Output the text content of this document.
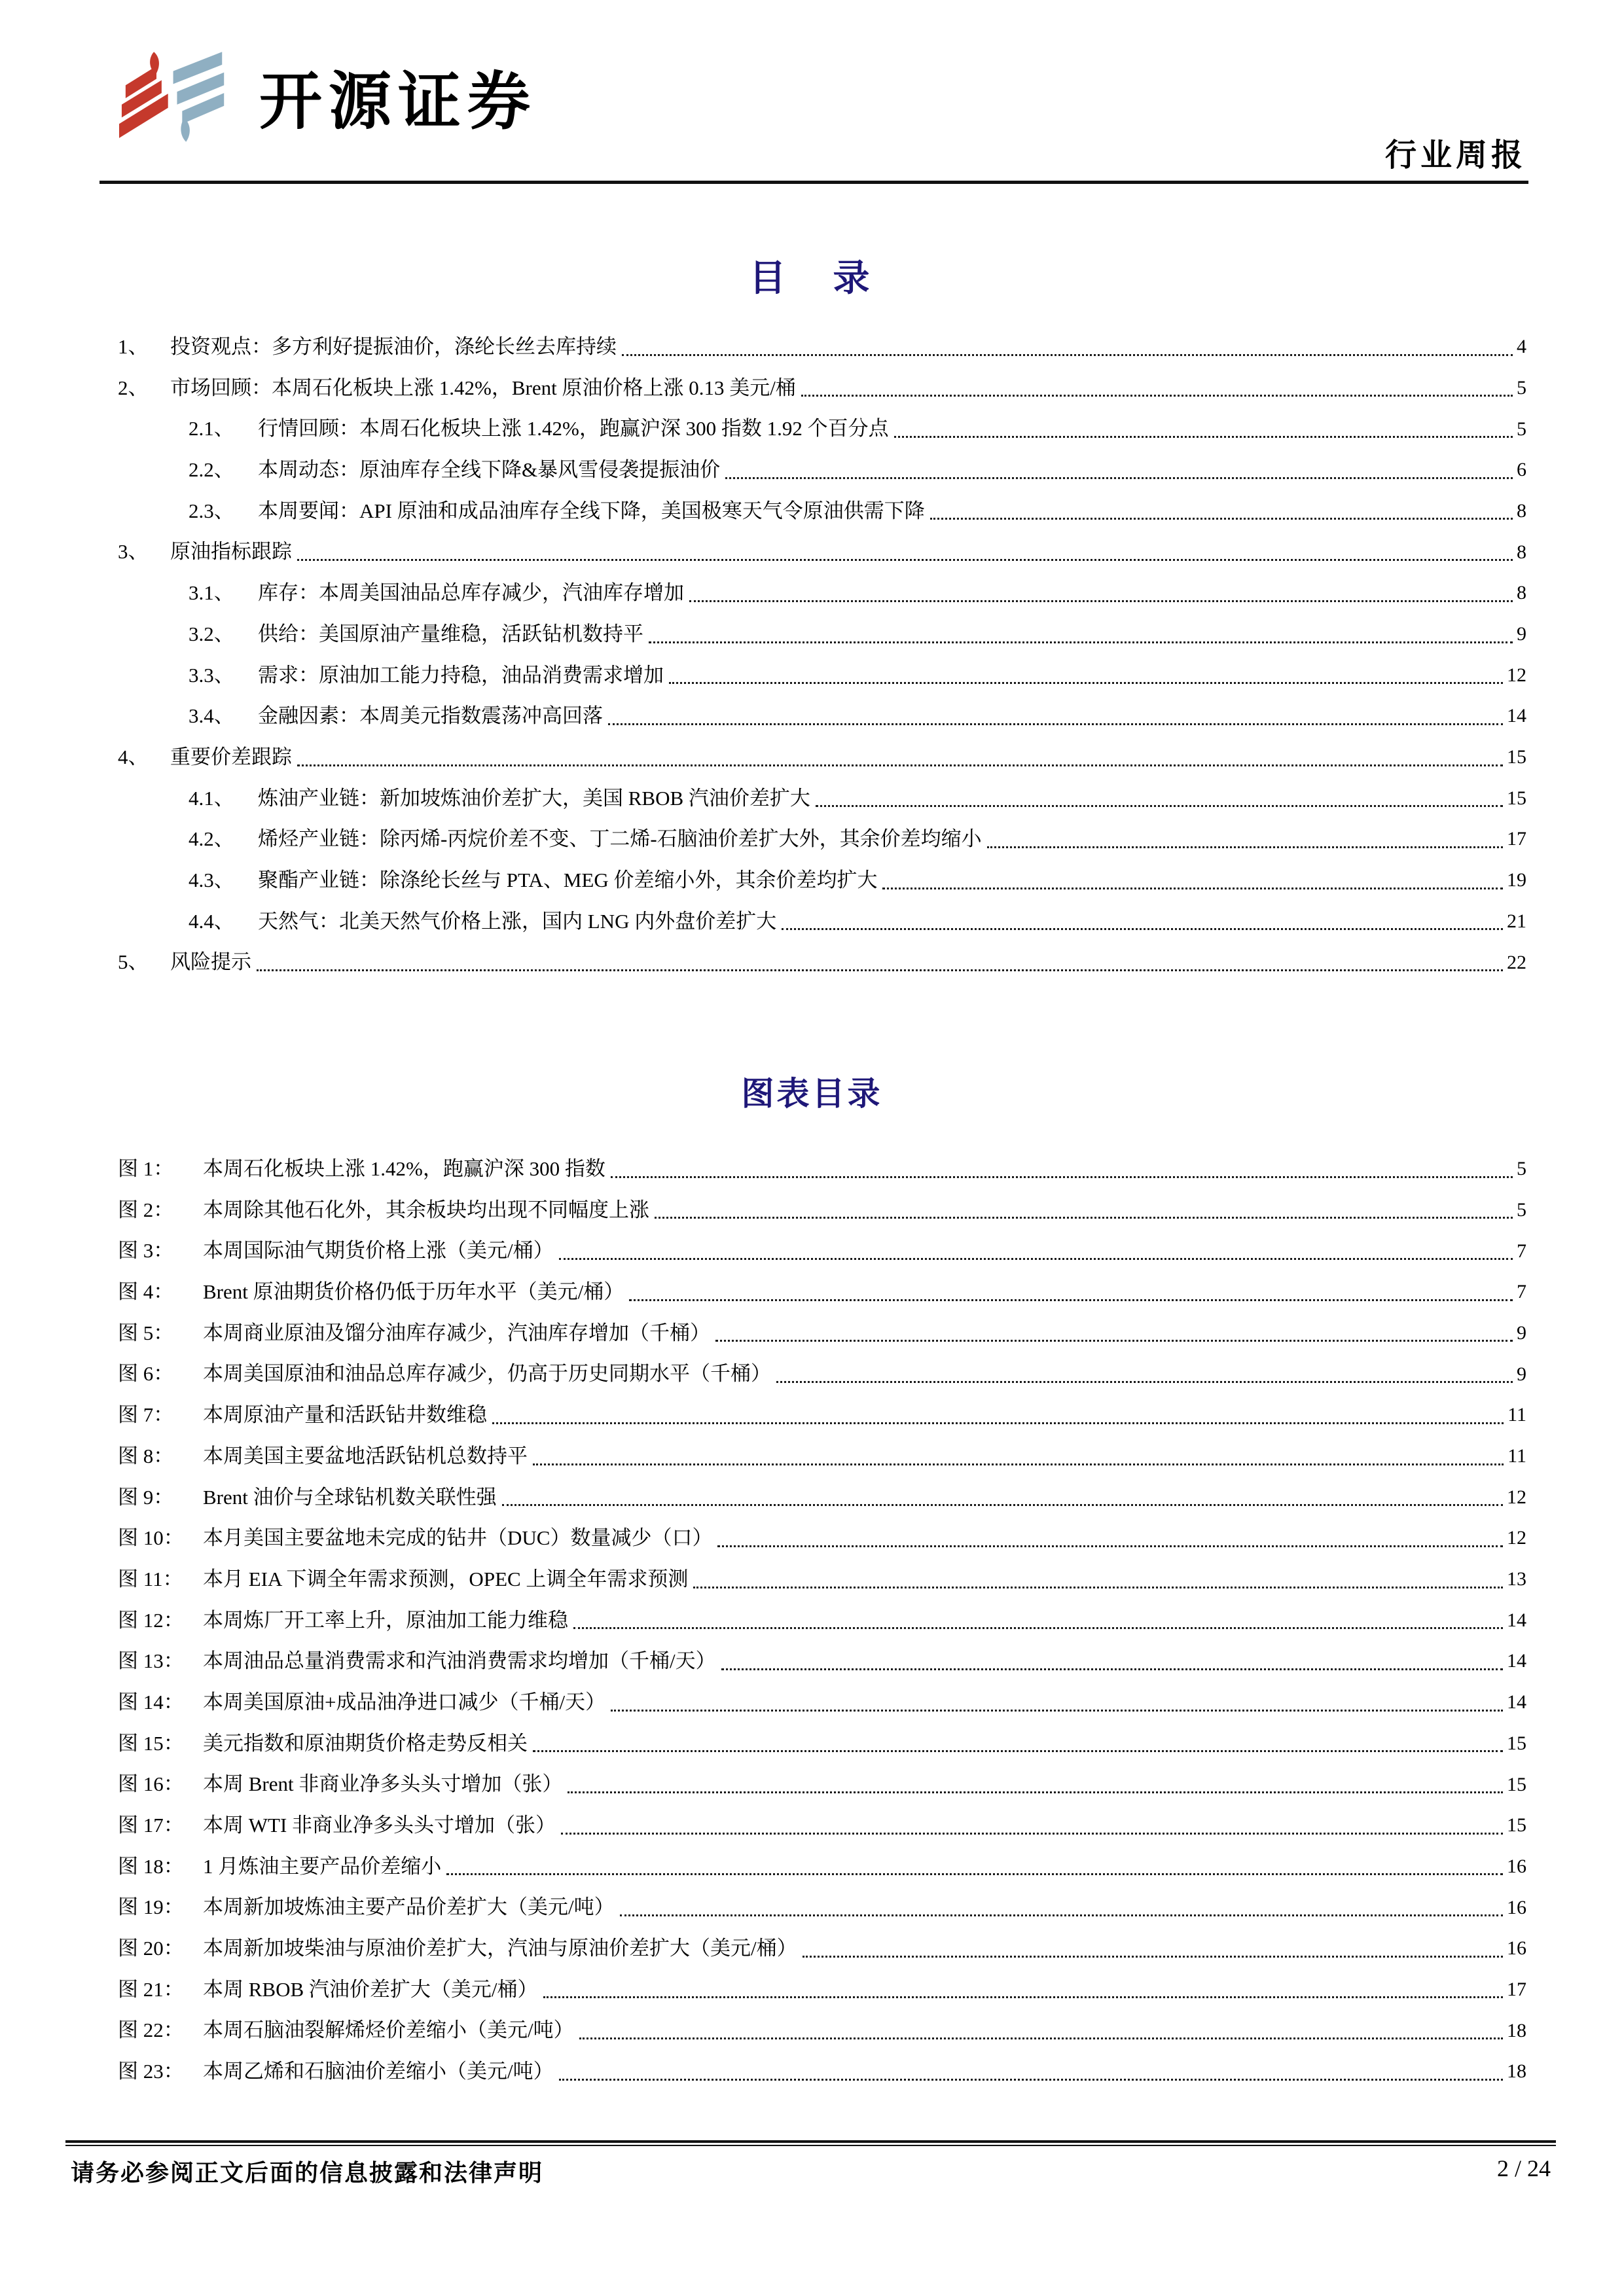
开源证券
行业周报
目　录
1、	投资观点：多方利好提振油价，涤纶长丝去库持续	4
2、	市场回顾：本周石化板块上涨 1.42%，Brent 原油价格上涨 0.13 美元/桶	5
2.1、	行情回顾：本周石化板块上涨 1.42%，跑赢沪深 300 指数 1.92 个百分点	5
2.2、	本周动态：原油库存全线下降&暴风雪侵袭提振油价	6
2.3、	本周要闻：API 原油和成品油库存全线下降，美国极寒天气令原油供需下降	8
3、	原油指标跟踪	8
3.1、	库存：本周美国油品总库存减少，汽油库存增加	8
3.2、	供给：美国原油产量维稳，活跃钻机数持平	9
3.3、	需求：原油加工能力持稳，油品消费需求增加	12
3.4、	金融因素：本周美元指数震荡冲高回落	14
4、	重要价差跟踪	15
4.1、	炼油产业链：新加坡炼油价差扩大，美国 RBOB 汽油价差扩大	15
4.2、	烯烃产业链：除丙烯-丙烷价差不变、丁二烯-石脑油价差扩大外，其余价差均缩小	17
4.3、	聚酯产业链：除涤纶长丝与 PTA、MEG 价差缩小外，其余价差均扩大	19
4.4、	天然气：北美天然气价格上涨，国内 LNG 内外盘价差扩大	21
5、	风险提示	22
图表目录
图 1：	本周石化板块上涨 1.42%，跑赢沪深 300 指数	5
图 2：	本周除其他石化外，其余板块均出现不同幅度上涨	5
图 3：	本周国际油气期货价格上涨（美元/桶）	7
图 4：	Brent 原油期货价格仍低于历年水平（美元/桶）	7
图 5：	本周商业原油及馏分油库存减少，汽油库存增加（千桶）	9
图 6：	本周美国原油和油品总库存减少，仍高于历史同期水平（千桶）	9
图 7：	本周原油产量和活跃钻井数维稳	11
图 8：	本周美国主要盆地活跃钻机总数持平	11
图 9：	Brent 油价与全球钻机数关联性强	12
图 10： 本月美国主要盆地未完成的钻井（DUC）数量减少（口）	12
图 11： 本月 EIA 下调全年需求预测，OPEC 上调全年需求预测	13
图 12： 本周炼厂开工率上升，原油加工能力维稳	14
图 13： 本周油品总量消费需求和汽油消费需求均增加（千桶/天）	14
图 14： 本周美国原油+成品油净进口减少（千桶/天）	14
图 15： 美元指数和原油期货价格走势反相关	15
图 16： 本周 Brent 非商业净多头头寸增加（张）	15
图 17： 本周 WTI 非商业净多头头寸增加（张）	15
图 18： 1 月炼油主要产品价差缩小	16
图 19： 本周新加坡炼油主要产品价差扩大（美元/吨）	16
图 20： 本周新加坡柴油与原油价差扩大，汽油与原油价差扩大（美元/桶）	16
图 21： 本周 RBOB 汽油价差扩大（美元/桶）	17
图 22： 本周石脑油裂解烯烃价差缩小（美元/吨）	18
图 23： 本周乙烯和石脑油价差缩小（美元/吨）	18
请务必参阅正文后面的信息披露和法律声明	2 / 24
